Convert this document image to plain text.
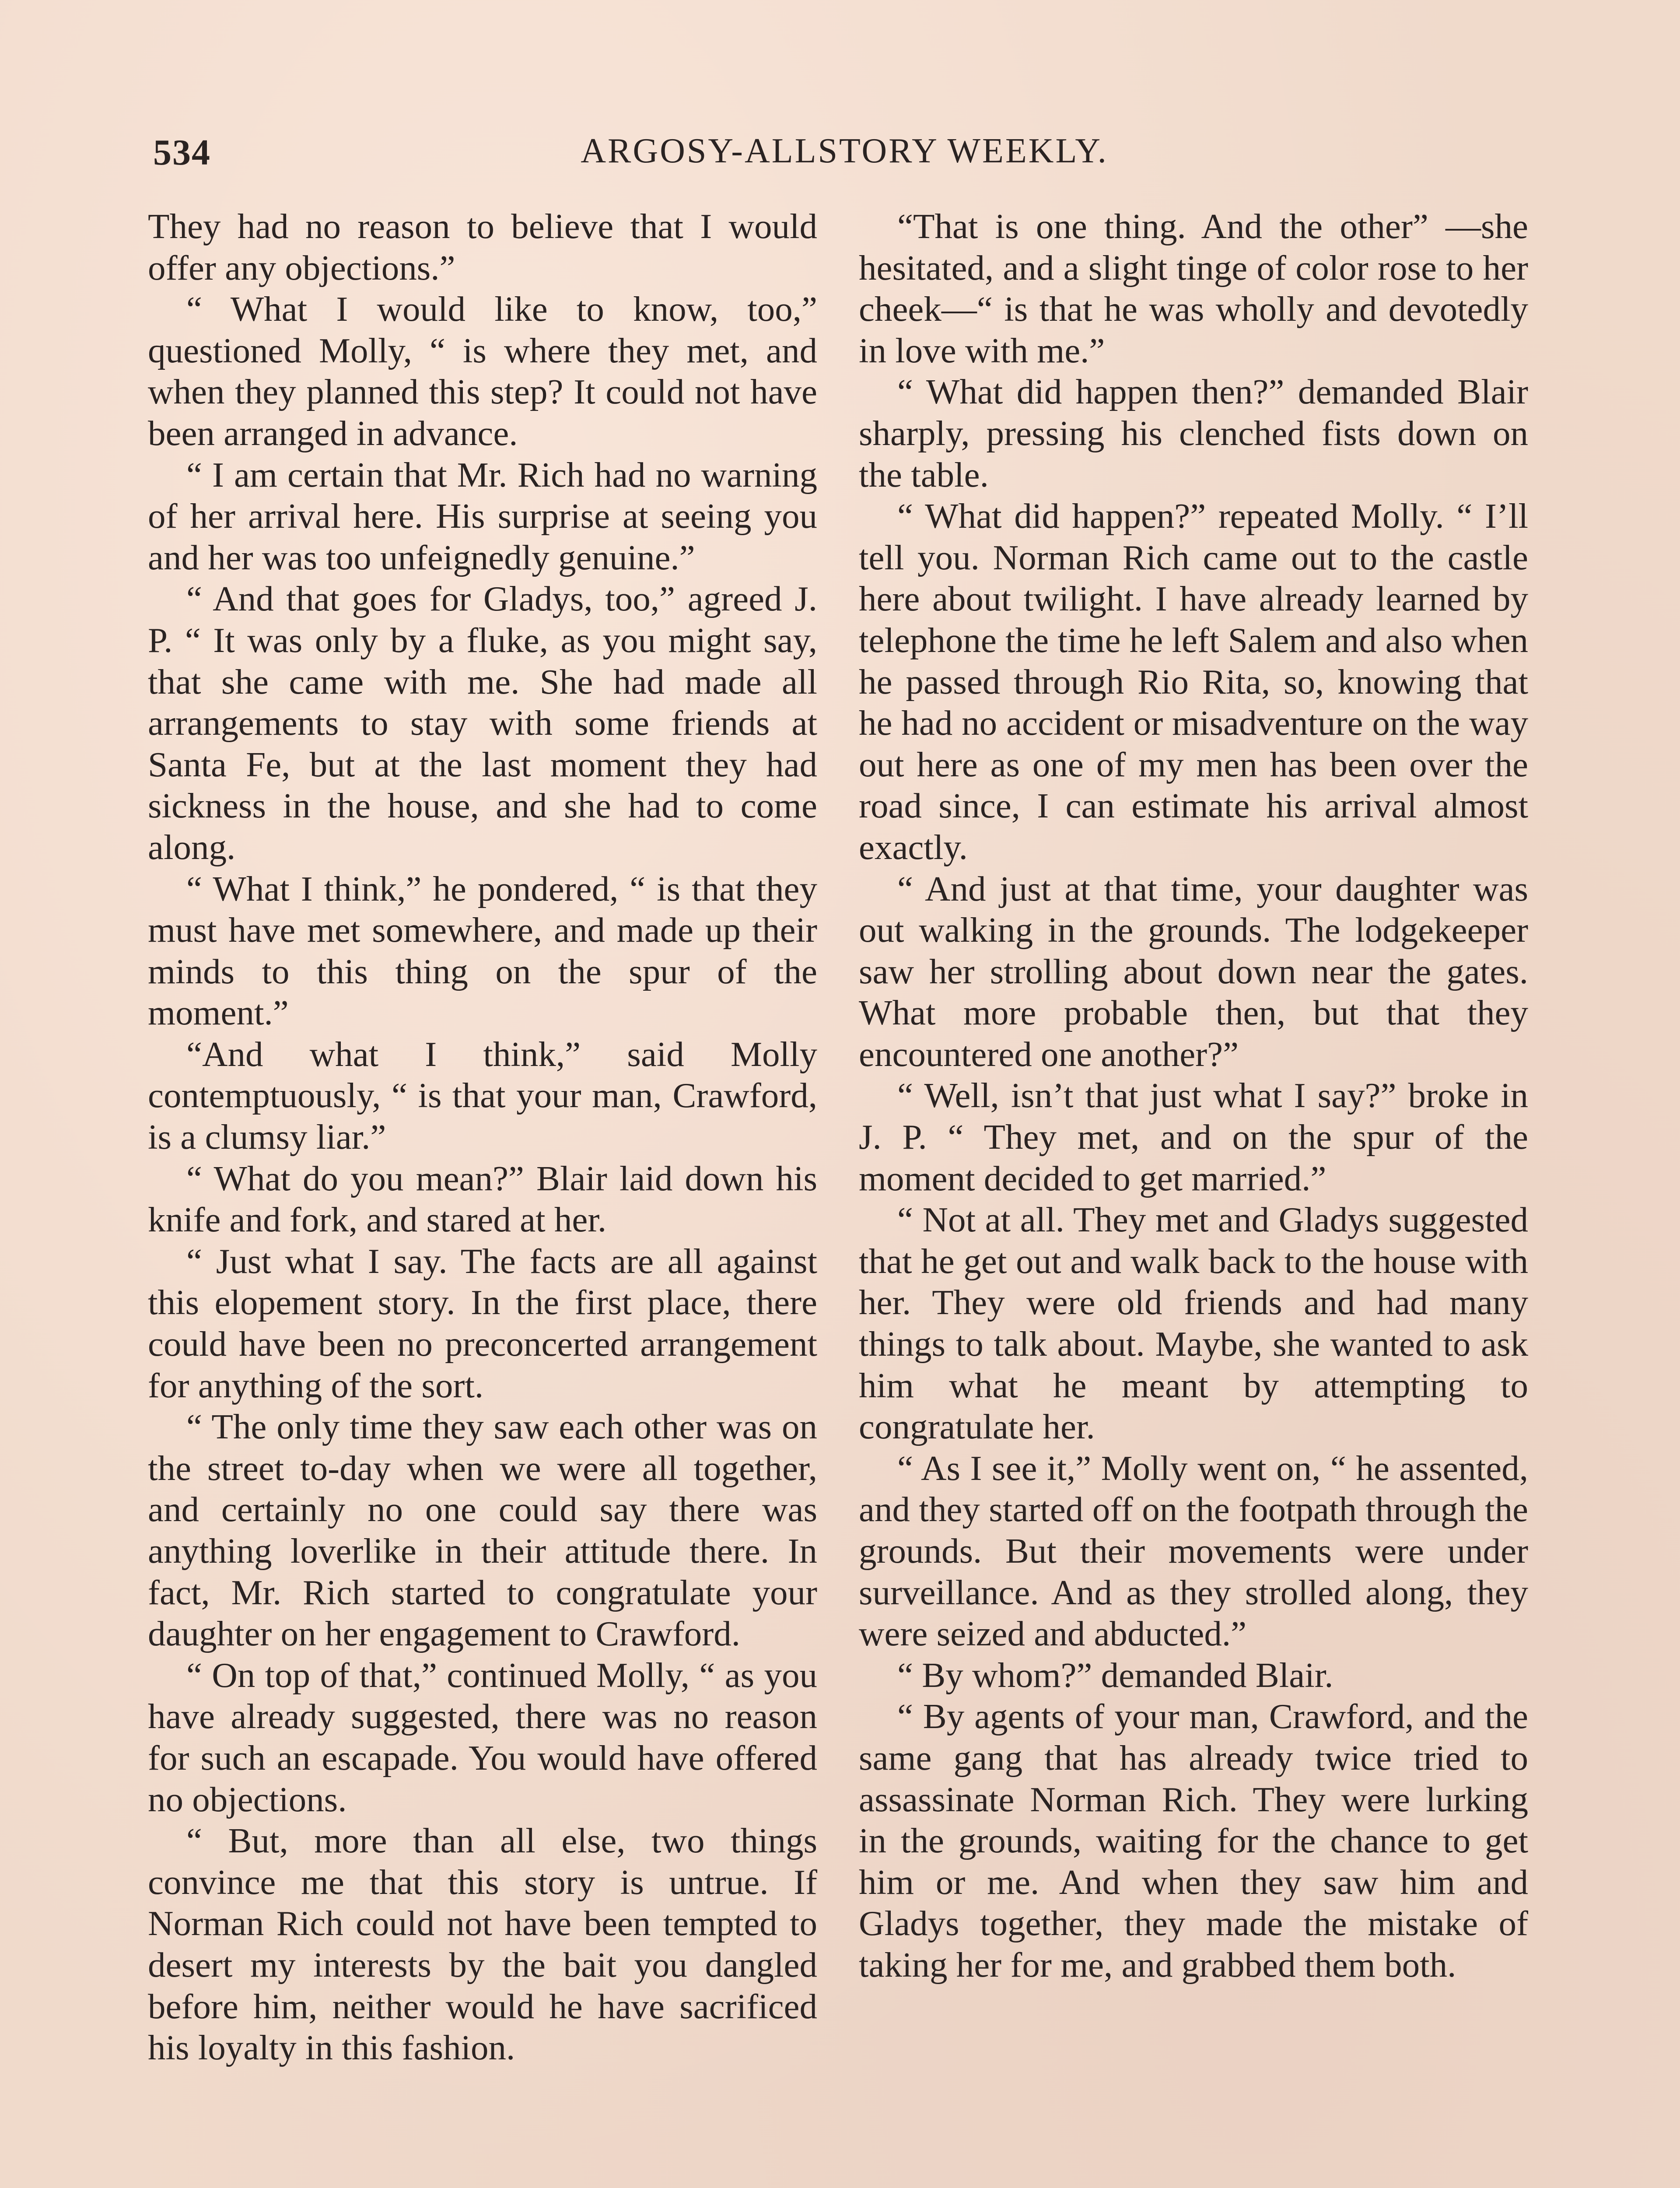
534	ARGOSY-ALLSTORY WEEKLY.

They had no reason to believe that I would offer any objections.”

“ What I would like to know, too,” questioned Molly, “ is where they met, and when they planned this step? It could not have been arranged in advance.

“ I am certain that Mr. Rich had no warning of her arrival here. His surprise at seeing you and her was too unfeignedly genuine.”

“ And that goes for Gladys, too,” agreed J. P. “ It was only by a fluke, as you might say, that she came with me. She had made all arrangements to stay with some friends at Santa Fe, but at the last moment they had sickness in the house, and she had to come along.

“ What I think,” he pondered, “ is that they must have met somewhere, and made up their minds to this thing on the spur of the moment.”

“And what I think,” said Molly contemptuously, “ is that your man, Crawford, is a clumsy liar.”

“ What do you mean?” Blair laid down his knife and fork, and stared at her.

“ Just what I say. The facts are all against this elopement story. In the first place, there could have been no preconcerted arrangement for anything of the sort.

“ The only time they saw each other was on the street to-day when we were all together, and certainly no one could say there was anything loverlike in their attitude there. In fact, Mr. Rich started to congratulate your daughter on her engagement to Crawford.

“ On top of that,” continued Molly, “ as you have already suggested, there was no reason for such an escapade. You would have offered no objections.

“ But, more than all else, two things convince me that this story is untrue. If Norman Rich could not have been tempted to desert my interests by the bait you dangled before him, neither would he have sacrificed his loyalty in this fashion.

“That is one thing. And the other” —she hesitated, and a slight tinge of color rose to her cheek—“ is that he was wholly and devotedly in love with me.”

“ What did happen then?” demanded Blair sharply, pressing his clenched fists down on the table.

“ What did happen?” repeated Molly. “ I’ll tell you. Norman Rich came out to the castle here about twilight. I have already learned by telephone the time he left Salem and also when he passed through Rio Rita, so, knowing that he had no accident or misadventure on the way out here as one of my men has been over the road since, I can estimate his arrival almost exactly.

“ And just at that time, your daughter was out walking in the grounds. The lodgekeeper saw her strolling about down near the gates. What more probable then, but that they encountered one another?”

“ Well, isn’t that just what I say?” broke in J. P. “ They met, and on the spur of the moment decided to get married.”

“ Not at all. They met and Gladys suggested that he get out and walk back to the house with her. They were old friends and had many things to talk about. Maybe, she wanted to ask him what he meant by attempting to congratulate her.

“ As I see it,” Molly went on, “ he assented, and they started off on the footpath through the grounds. But their movements were under surveillance. And as they strolled along, they were seized and abducted.”

“ By whom?” demanded Blair.

“ By agents of your man, Crawford, and the same gang that has already twice tried to assassinate Norman Rich. They were lurking in the grounds, waiting for the chance to get him or me. And when they saw him and Gladys together, they made the mistake of taking her for me, and grabbed them both.
